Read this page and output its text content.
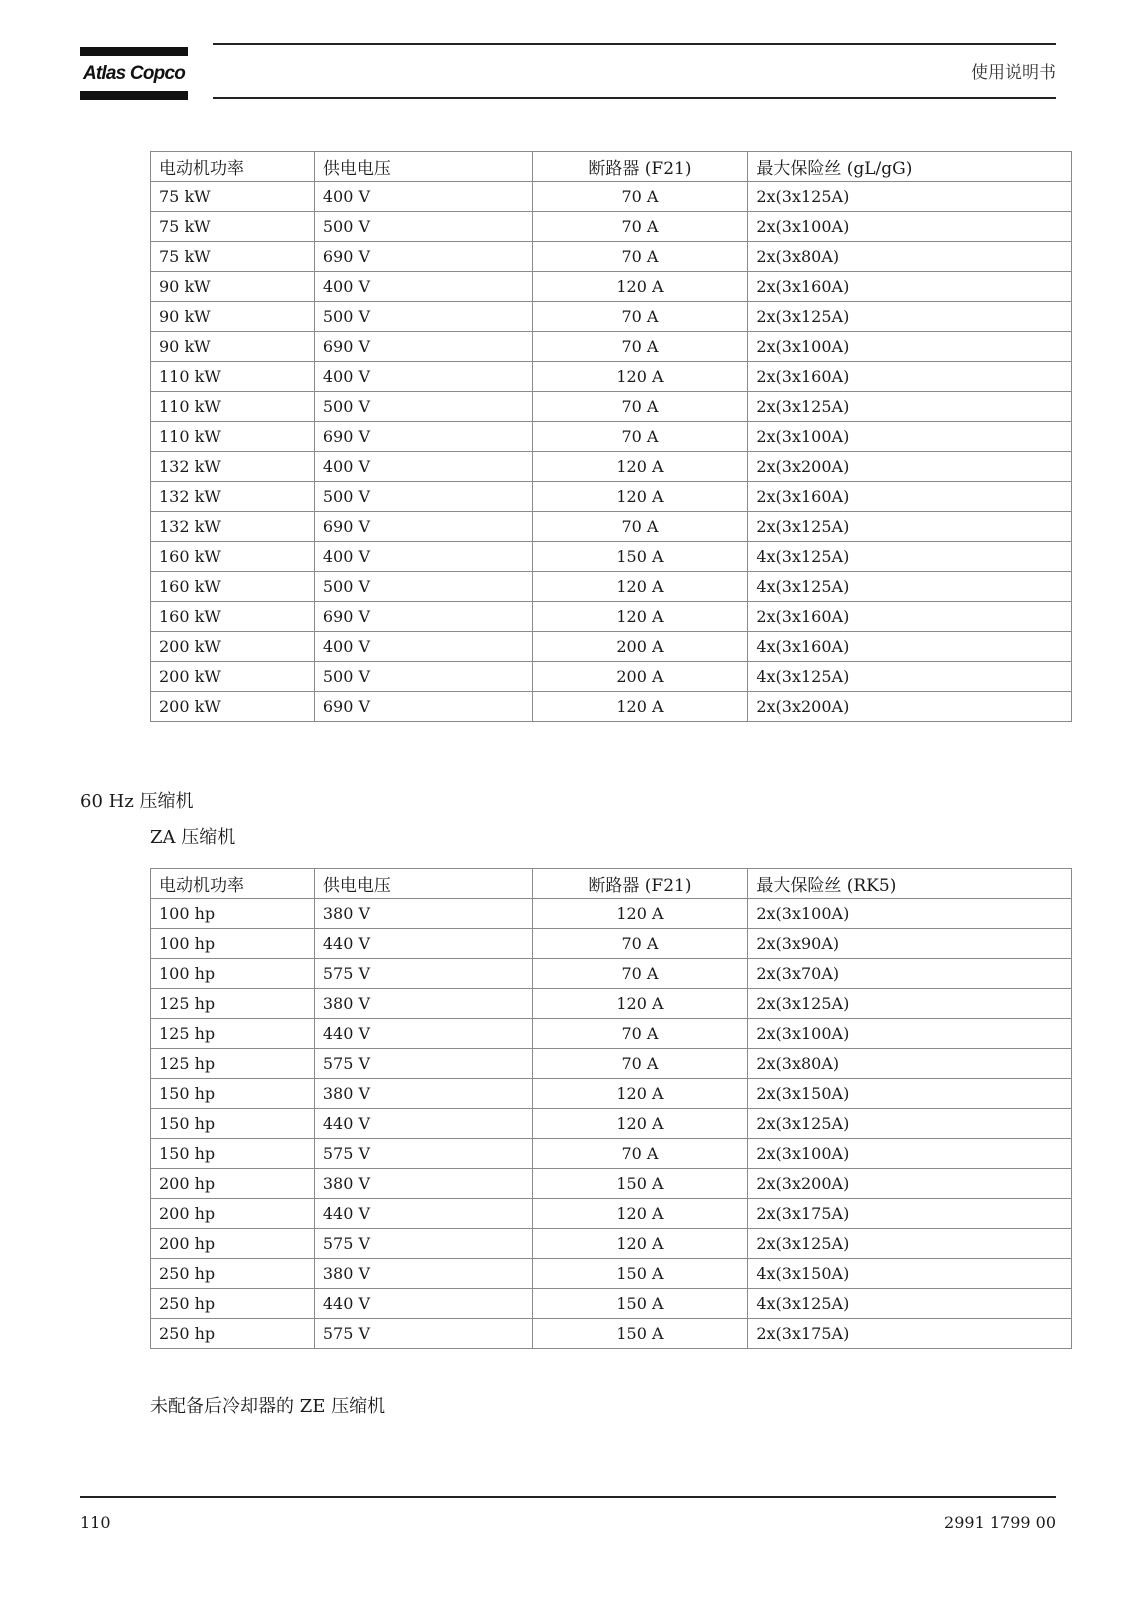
Atlas Copco	使用说明书
电动机功率	供电电压	断路器 (F21)	最大保险丝 (gL/gG)
75 kW	400 V	70 A	2x(3x125A)
75 kW	500 V	70 A	2x(3x100A)
75 kW	690 V	70 A	2x(3x80A)
90 kW	400 V	120 A	2x(3x160A)
90 kW	500 V	70 A	2x(3x125A)
90 kW	690 V	70 A	2x(3x100A)
110 kW	400 V	120 A	2x(3x160A)
110 kW	500 V	70 A	2x(3x125A)
110 kW	690 V	70 A	2x(3x100A)
132 kW	400 V	120 A	2x(3x200A)
132 kW	500 V	120 A	2x(3x160A)
132 kW	690 V	70 A	2x(3x125A)
160 kW	400 V	150 A	4x(3x125A)
160 kW	500 V	120 A	4x(3x125A)
160 kW	690 V	120 A	2x(3x160A)
200 kW	400 V	200 A	4x(3x160A)
200 kW	500 V	200 A	4x(3x125A)
200 kW	690 V	120 A	2x(3x200A)
60 Hz 压缩机
ZA 压缩机
电动机功率	供电电压	断路器 (F21)	最大保险丝 (RK5)
100 hp	380 V	120 A	2x(3x100A)
100 hp	440 V	70 A	2x(3x90A)
100 hp	575 V	70 A	2x(3x70A)
125 hp	380 V	120 A	2x(3x125A)
125 hp	440 V	70 A	2x(3x100A)
125 hp	575 V	70 A	2x(3x80A)
150 hp	380 V	120 A	2x(3x150A)
150 hp	440 V	120 A	2x(3x125A)
150 hp	575 V	70 A	2x(3x100A)
200 hp	380 V	150 A	2x(3x200A)
200 hp	440 V	120 A	2x(3x175A)
200 hp	575 V	120 A	2x(3x125A)
250 hp	380 V	150 A	4x(3x150A)
250 hp	440 V	150 A	4x(3x125A)
250 hp	575 V	150 A	2x(3x175A)
未配备后冷却器的 ZE 压缩机
110	2991 1799 00
